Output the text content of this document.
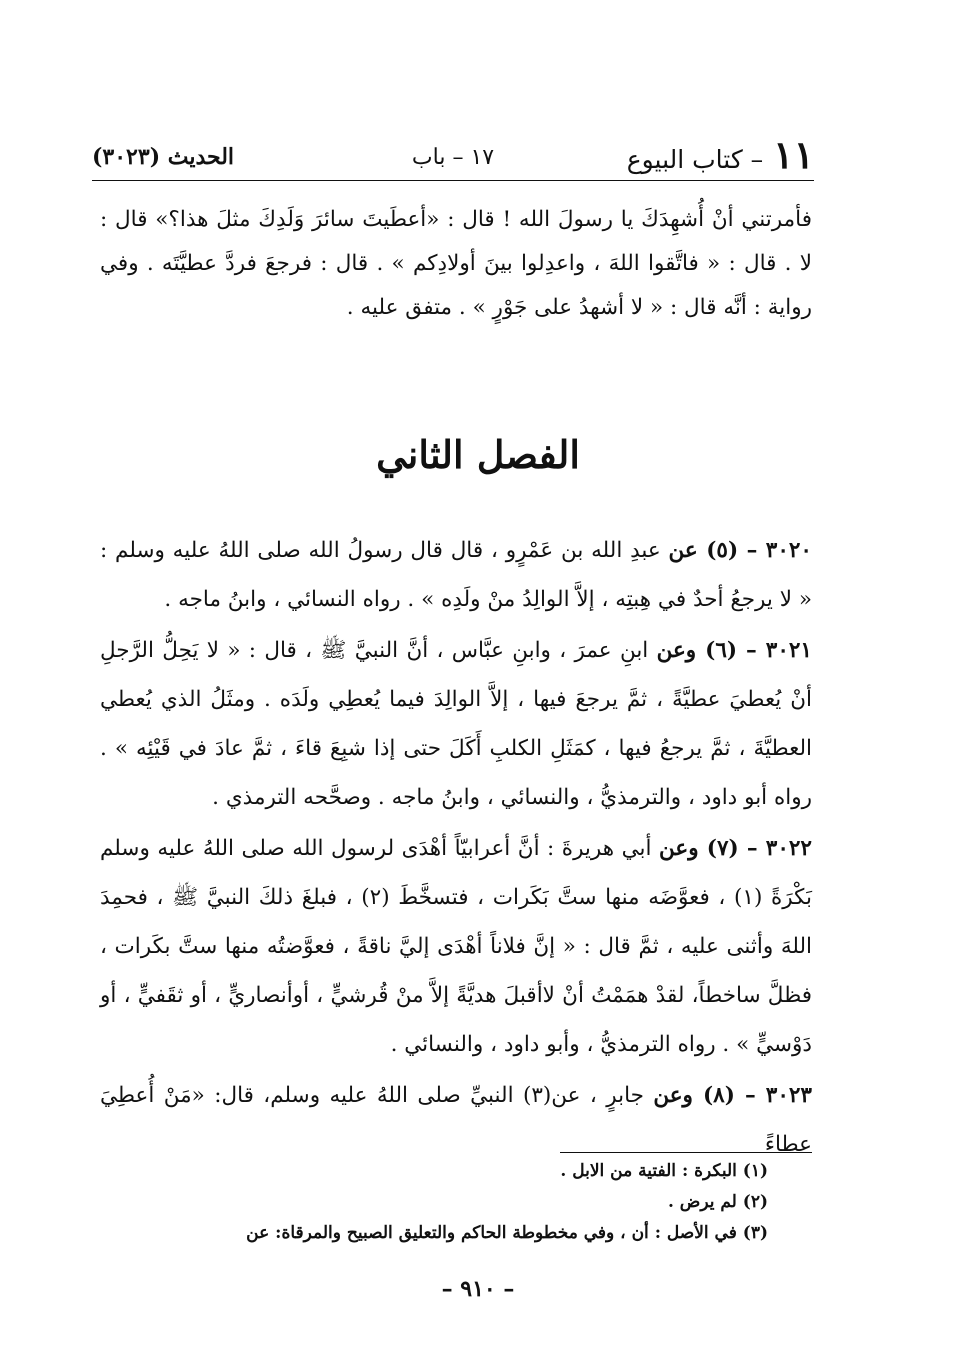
١١
– كتاب البيوع
١٧ – باب
الحديث (٣٠٢٣)
فأمرتني أنْ أُشهِدَكَ يا رسولَ الله ! قال : «أعطَيتَ سائرَ وَلَدِكَ مثلَ هذا؟» قال : لا . قال : « فاتَّقوا اللهَ ، واعدِلوا بينَ أولادِكم » . قال : فرجعَ فردَّ عطيَّتَه . وفي رواية : أنَّه قال : « لا أشهدُ على جَوْرٍ » . متفق عليه .
الفصل الثاني

٣٠٢٠ – (٥) عن عبدِ الله بن عَمْرٍو ، قال قال رسولُ الله صلى اللهُ عليه وسلم : « لا يرجعُ أحدٌ في هِبتِه ، إلاَّ الوالِدُ منْ ولَدِه » . رواه النسائي ، وابنُ ماجه .

٣٠٢١ – (٦) وعن ابنِ عمرَ ، وابنِ عبَّاس ، أنَّ النبيَّ ﷺ ، قال : « لا يَحِلُّ الرَّجلِ أنْ يُعطيَ عطيَّةً ، ثمَّ يرجعَ فيها ، إلاَّ الوالِدَ فيما يُعطِي ولَدَه . ومثَلُ الذي يُعطي العطيَّةَ ، ثمَّ يرجعُ فيها ، كمَثَلِ الكلبِ أَكَلَ حتى إذا شبِعَ قاءَ ، ثمَّ عادَ في قَيْئِه » . رواه أبو داود ، والترمذيُّ ، والنسائي ، وابنُ ماجه . وصحَّحه الترمذي .

٣٠٢٢ – (٧) وعن أبي هريرةَ : أنَّ أعرابيّاً أهْدَى لرسول الله صلى اللهُ عليه وسلم بَكْرَةً (١) ، فعوَّضَه منها ستَّ بَكَرات ، فتسخَّطَ (٢) ، فبلغَ ذلكَ النبيَّ ﷺ ، فحمِدَ اللهَ وأثنى عليه ، ثمَّ قال : « إنَّ فلاناً أهْدَى إليَّ ناقةً ، فعوَّضتُه منها ستَّ بكَرات ، فظلَّ ساخطاً، لقدْ همَمْتُ أنْ لاأقبلَ هديَّةً إلاَّ منْ قُرشيٍّ ، أوأنصاريٍّ ، أو ثقَفيٍّ ، أو دَوْسيٍّ » . رواه الترمذيُّ ، وأبو داود ، والنسائي .

٣٠٢٣ – (٨) وعن جابرٍ ، عن(٣) النبيِّ صلى اللهُ عليه وسلم، قال: «مَنْ أُعطِيَ عطاءً

(١) البكرة : الفتية من الابل .
(٢) لم يرض .
(٣) في الأصل : أن ، وفي مخطوطة الحاكم والتعليق الصبيح والمرقاة: عن
– ٩١٠ –
